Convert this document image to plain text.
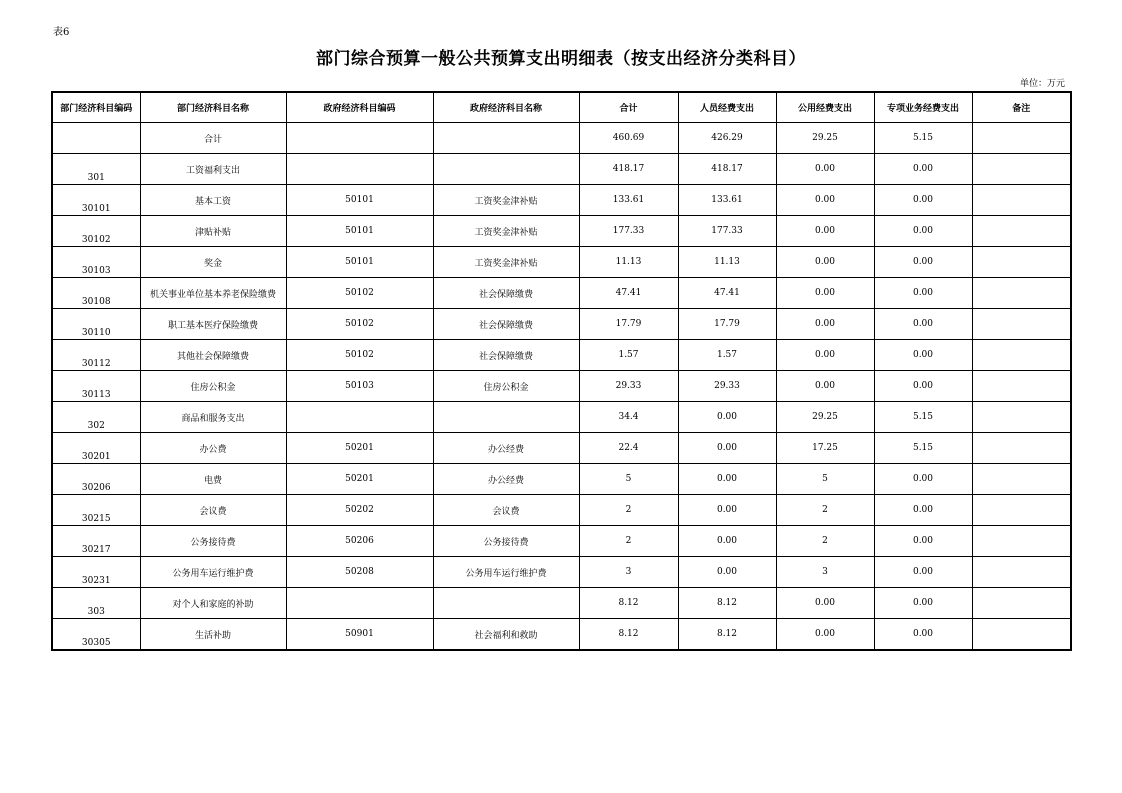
表6
部门综合预算一般公共预算支出明细表（按支出经济分类科目）
单位：万元
部门经济科目编码	部门经济科目名称	政府经济科目编码	政府经济科目名称	合计	人员经费支出	公用经费支出	专项业务经费支出	备注
	合计			460.69	426.29	29.25	5.15	
301	工资福利支出			418.17	418.17	0.00	0.00	
30101	基本工资	50101	工资奖金津补贴	133.61	133.61	0.00	0.00	
30102	津贴补贴	50101	工资奖金津补贴	177.33	177.33	0.00	0.00	
30103	奖金	50101	工资奖金津补贴	11.13	11.13	0.00	0.00	
30108	机关事业单位基本养老保险缴费	50102	社会保障缴费	47.41	47.41	0.00	0.00	
30110	职工基本医疗保险缴费	50102	社会保障缴费	17.79	17.79	0.00	0.00	
30112	其他社会保障缴费	50102	社会保障缴费	1.57	1.57	0.00	0.00	
30113	住房公积金	50103	住房公积金	29.33	29.33	0.00	0.00	
302	商品和服务支出			34.4	0.00	29.25	5.15	
30201	办公费	50201	办公经费	22.4	0.00	17.25	5.15	
30206	电费	50201	办公经费	5	0.00	5	0.00	
30215	会议费	50202	会议费	2	0.00	2	0.00	
30217	公务接待费	50206	公务接待费	2	0.00	2	0.00	
30231	公务用车运行维护费	50208	公务用车运行维护费	3	0.00	3	0.00	
303	对个人和家庭的补助			8.12	8.12	0.00	0.00	
30305	生活补助	50901	社会福利和救助	8.12	8.12	0.00	0.00	
